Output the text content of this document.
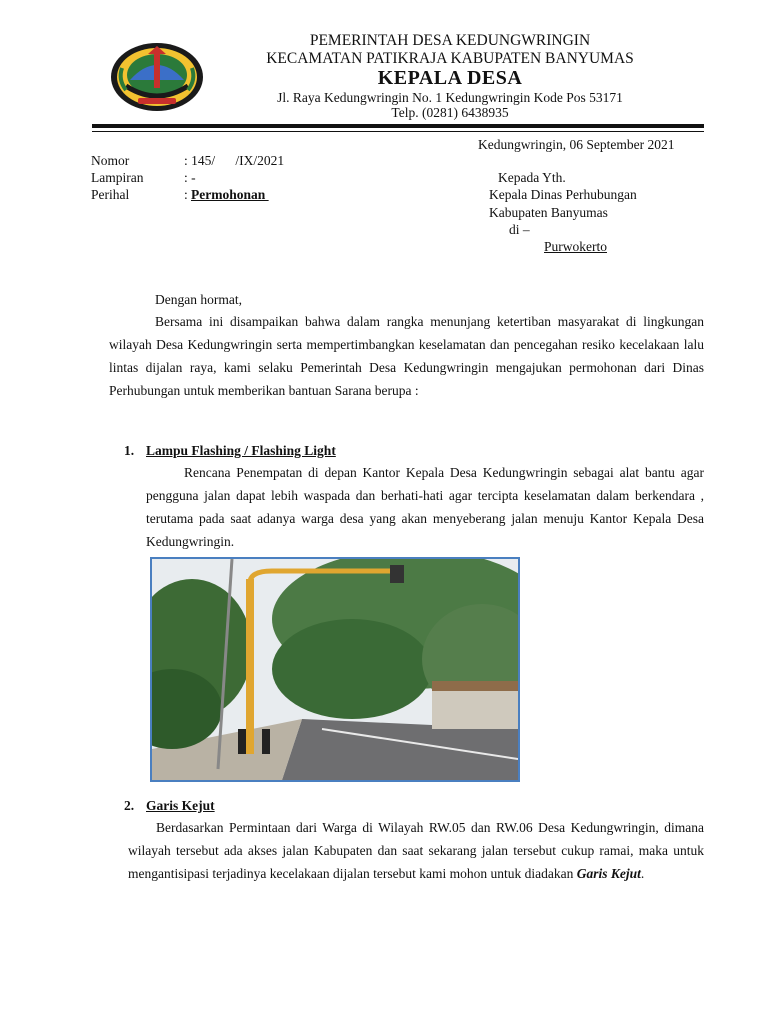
PEMERINTAH DESA KEDUNGWRINGIN
KECAMATAN PATIKRAJA KABUPATEN BANYUMAS
KEPALA DESA
Jl. Raya Kedungwringin No. 1 Kedungwringin Kode Pos 53171
Telp. (0281) 6438935
Kedungwringin, 06 September 2021
Nomor	: 145/      /IX/2021
Lampiran	: -
Perihal	: Permohonan
Kepada Yth.
Kepala Dinas Perhubungan
Kabupaten Banyumas
di –
Purwokerto
Dengan hormat,
Bersama ini disampaikan bahwa dalam rangka menunjang ketertiban masyarakat di lingkungan wilayah Desa Kedungwringin serta mempertimbangkan keselamatan dan pencegahan resiko kecelakaan lalu lintas dijalan raya, kami selaku Pemerintah Desa Kedungwringin mengajukan permohonan dari Dinas Perhubungan untuk memberikan bantuan Sarana berupa :
1. Lampu Flashing / Flashing Light
Rencana Penempatan di depan Kantor Kepala Desa Kedungwringin sebagai alat bantu agar pengguna jalan dapat lebih waspada dan berhati-hati agar tercipta keselamatan dalam berkendara , terutama pada saat adanya warga desa yang akan menyeberang jalan menuju Kantor Kepala Desa Kedungwringin.
2. Garis Kejut
Berdasarkan Permintaan dari Warga di Wilayah RW.05 dan RW.06 Desa Kedungwringin, dimana wilayah tersebut ada akses jalan Kabupaten dan saat sekarang jalan tersebut cukup ramai, maka untuk mengantisipasi terjadinya kecelakaan dijalan tersebut kami mohon untuk diadakan Garis Kejut.
